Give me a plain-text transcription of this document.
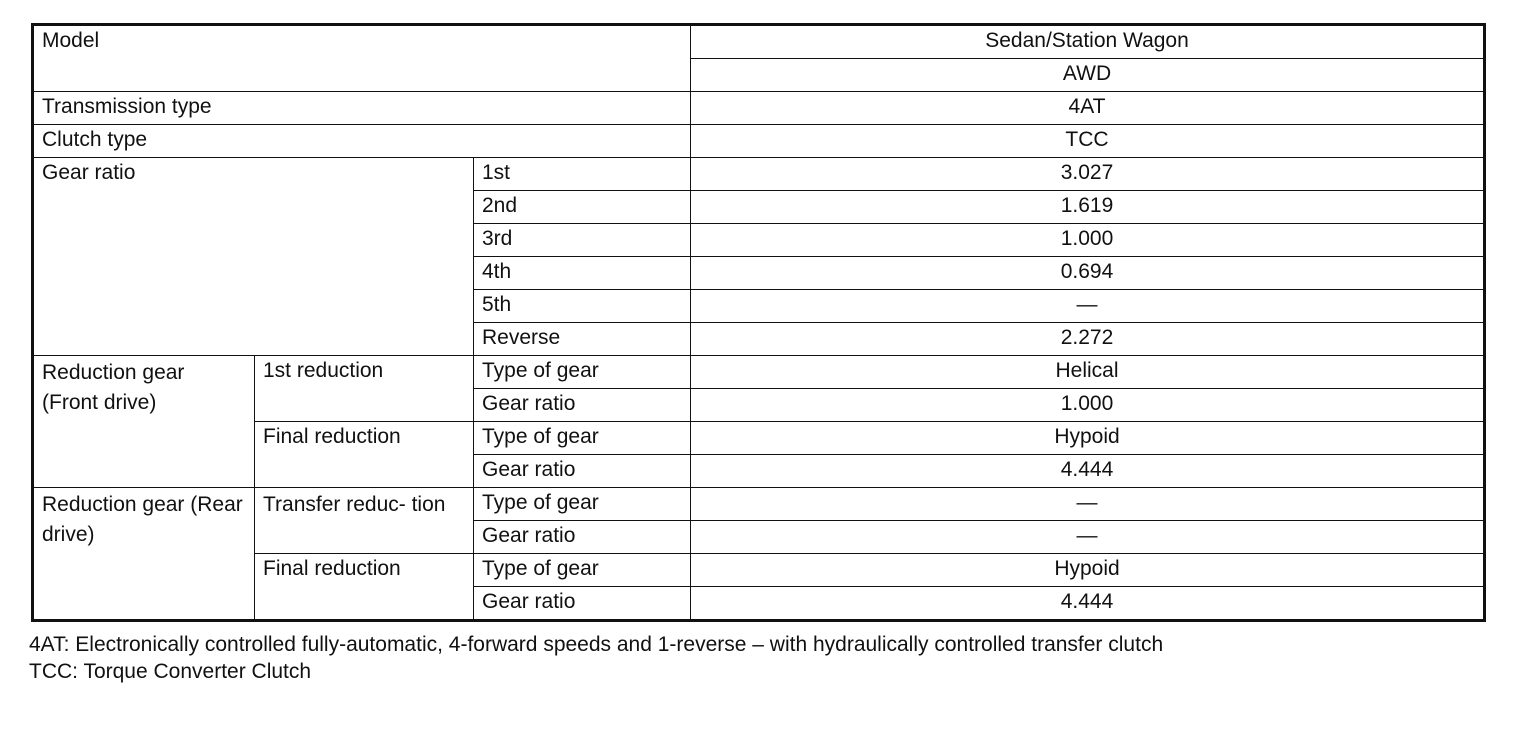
Model			Sedan/Station Wagon
			AWD
Transmission type			4AT
Clutch type			TCC
Gear ratio		1st	3.027
		2nd	1.619
		3rd	1.000
		4th	0.694
		5th	—
		Reverse	2.272
Reduction gear (Front drive)	1st reduction	Type of gear	Helical
		Gear ratio	1.000
	Final reduction	Type of gear	Hypoid
		Gear ratio	4.444
Reduction gear (Rear drive)	Transfer reduc- tion	Type of gear	—
		Gear ratio	—
	Final reduction	Type of gear	Hypoid
		Gear ratio	4.444
4AT: Electronically controlled fully-automatic, 4-forward speeds and 1-reverse – with hydraulically controlled transfer clutch
TCC: Torque Converter Clutch
